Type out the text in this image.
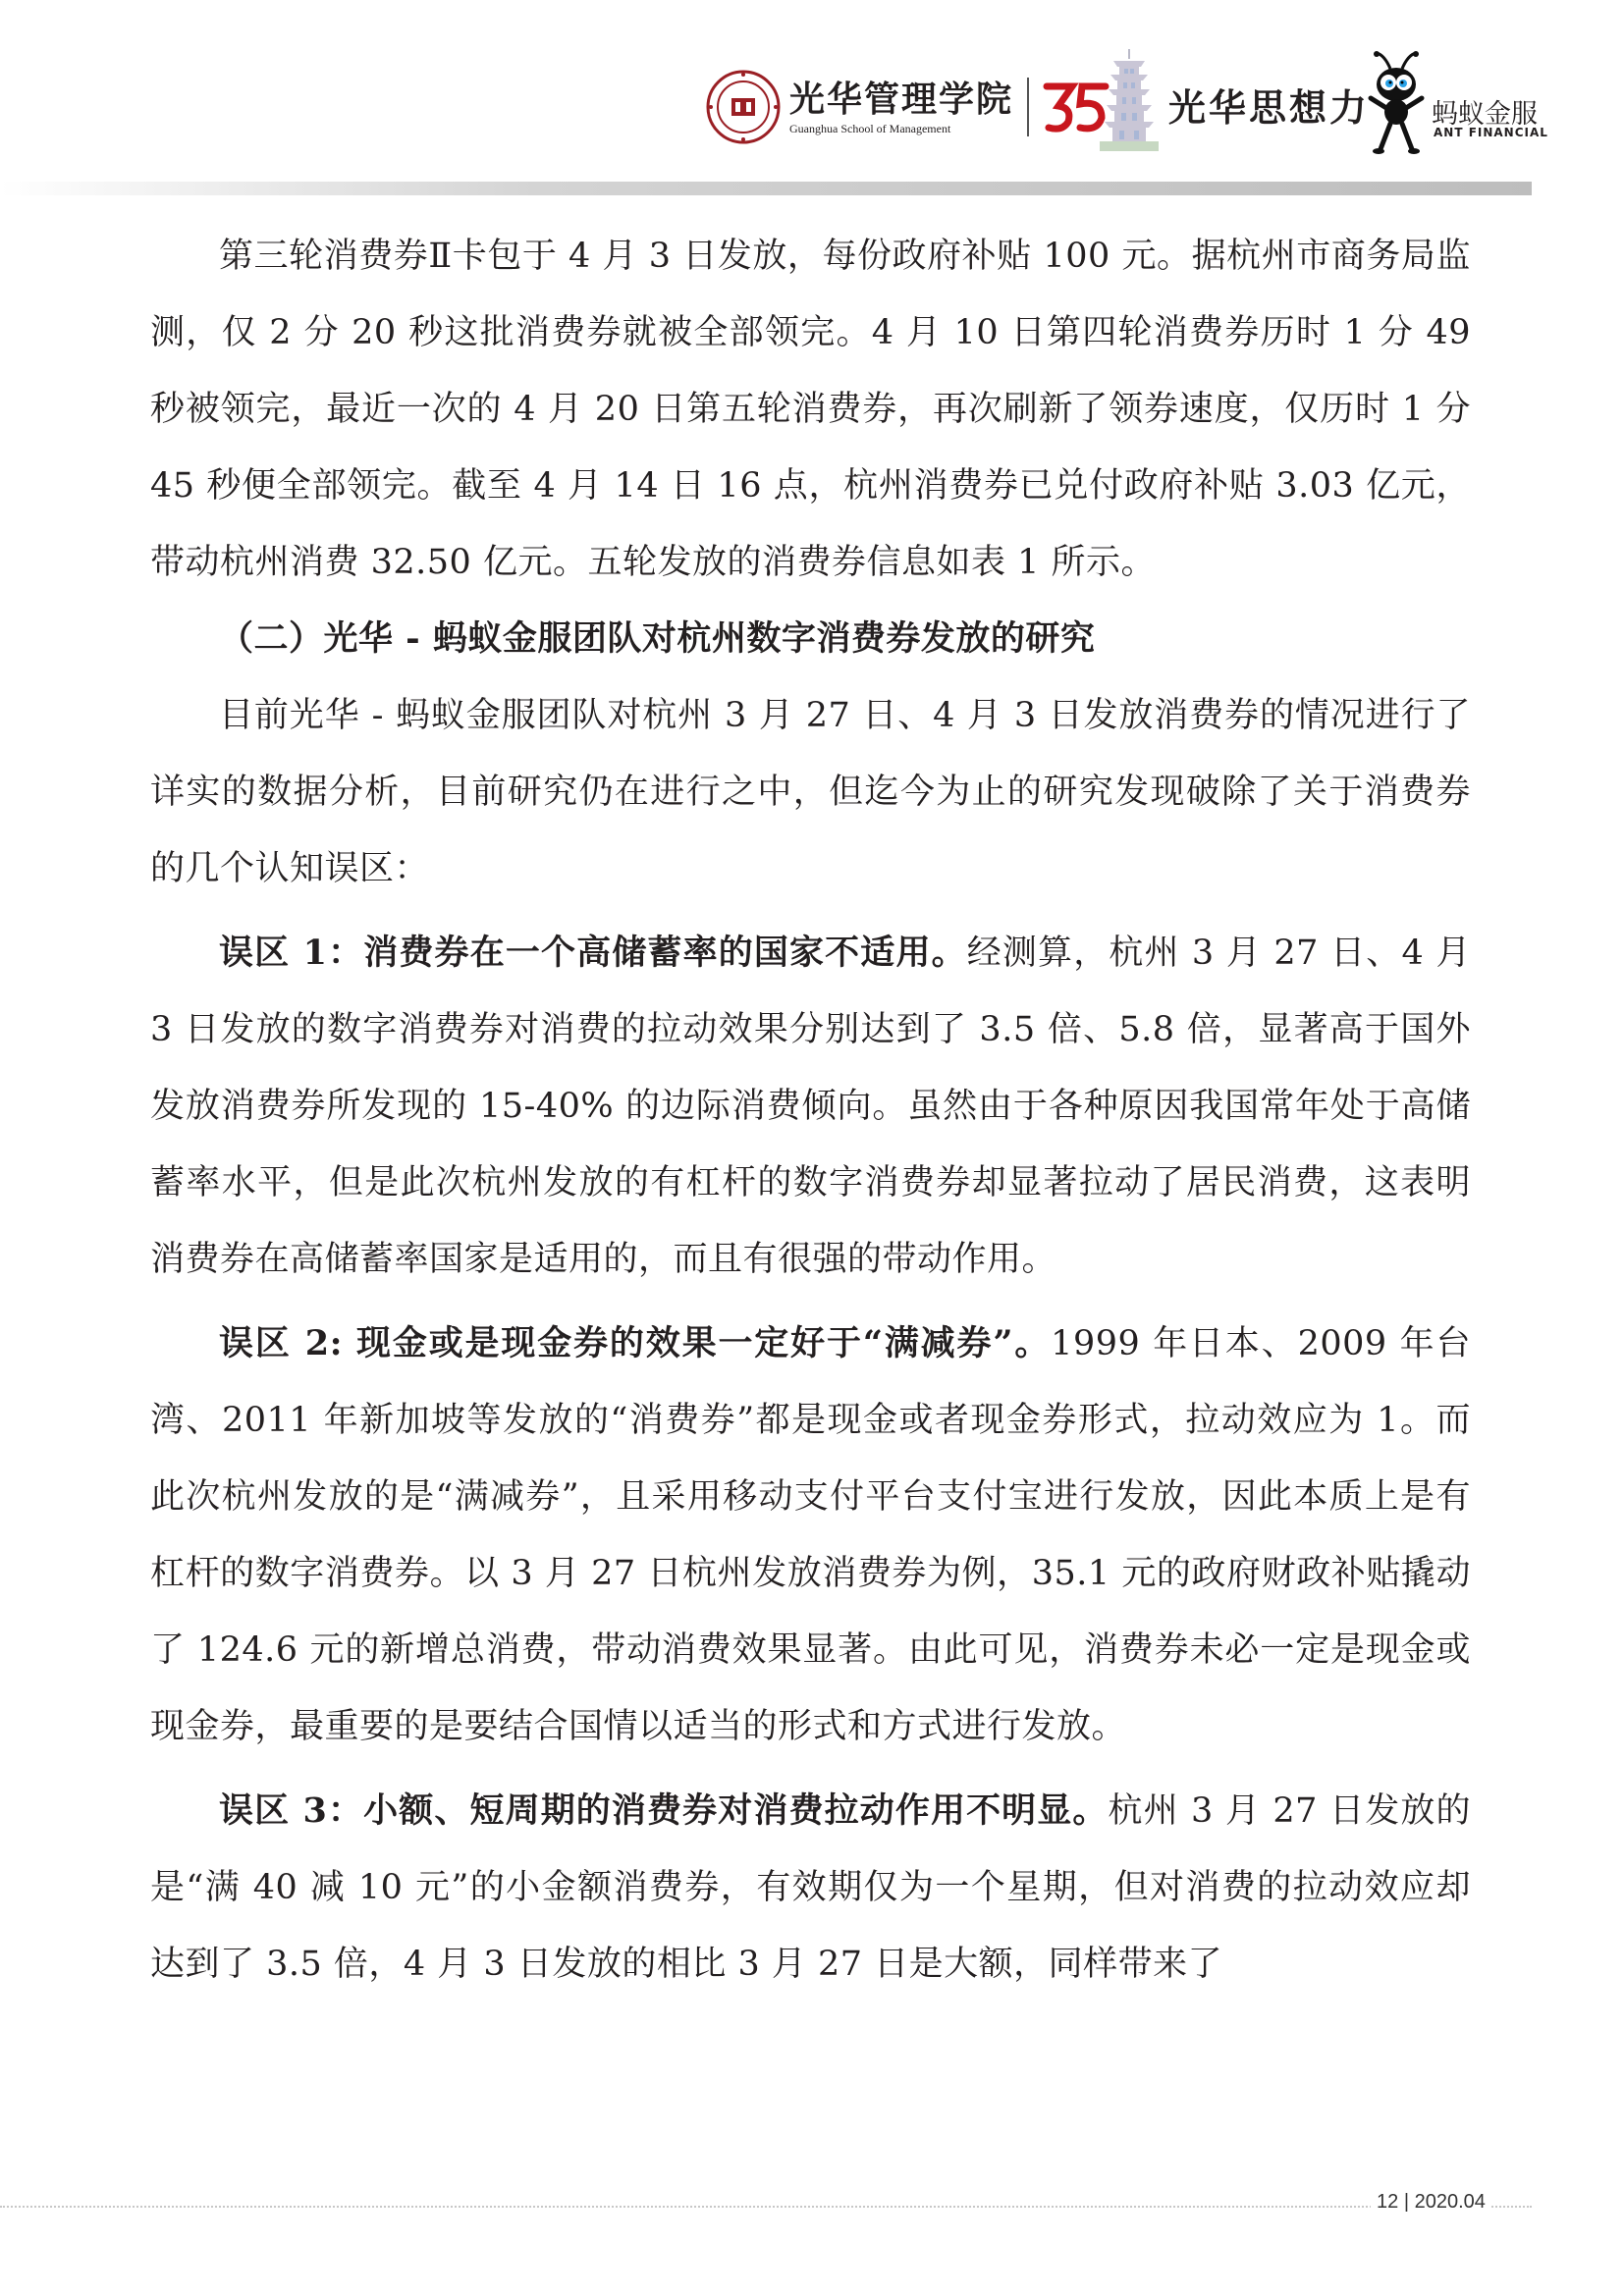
光华管理学院
Guanghua School of Management	光华思想力 蚂蚁金服
ANT FINANCIAL

第三轮消费券Ⅱ卡包于 4 月 3 日发放，每份政府补贴 100 元。据杭州市商务局监测，仅 2 分 20 秒这批消费券就被全部领完。4 月 10 日第四轮消费券历时 1 分 49 秒被领完，最近一次的 4 月 20 日第五轮消费券，再次刷新了领券速度，仅历时 1 分 45 秒便全部领完。截至 4 月 14 日 16 点，杭州消费券已兑付政府补贴 3.03 亿元，带动杭州消费 32.50 亿元。五轮发放的消费券信息如表 1 所示。

（二）光华 - 蚂蚁金服团队对杭州数字消费券发放的研究

目前光华 - 蚂蚁金服团队对杭州 3 月 27 日、4 月 3 日发放消费券的情况进行了详实的数据分析，目前研究仍在进行之中，但迄今为止的研究发现破除了关于消费券的几个认知误区：

误区 1：消费券在一个高储蓄率的国家不适用。经测算，杭州 3 月 27 日、4 月 3 日发放的数字消费券对消费的拉动效果分别达到了 3.5 倍、5.8 倍，显著高于国外发放消费券所发现的 15-40% 的边际消费倾向。虽然由于各种原因我国常年处于高储蓄率水平，但是此次杭州发放的有杠杆的数字消费券却显著拉动了居民消费，这表明消费券在高储蓄率国家是适用的，而且有很强的带动作用。

误区 2: 现金或是现金券的效果一定好于“满减券”。1999 年日本、2009 年台湾、2011 年新加坡等发放的“消费券”都是现金或者现金券形式，拉动效应为 1。而此次杭州发放的是“满减券”，且采用移动支付平台支付宝进行发放，因此本质上是有杠杆的数字消费券。以 3 月 27 日杭州发放消费券为例，35.1 元的政府财政补贴撬动了 124.6 元的新增总消费，带动消费效果显著。由此可见，消费券未必一定是现金或现金券，最重要的是要结合国情以适当的形式和方式进行发放。

误区 3：小额、短周期的消费券对消费拉动作用不明显。杭州 3 月 27 日发放的是“满 40 减 10 元”的小金额消费券，有效期仅为一个星期，但对消费的拉动效应却达到了 3.5 倍，4 月 3 日发放的相比 3 月 27 日是大额，同样带来了

12 | 2020.04
